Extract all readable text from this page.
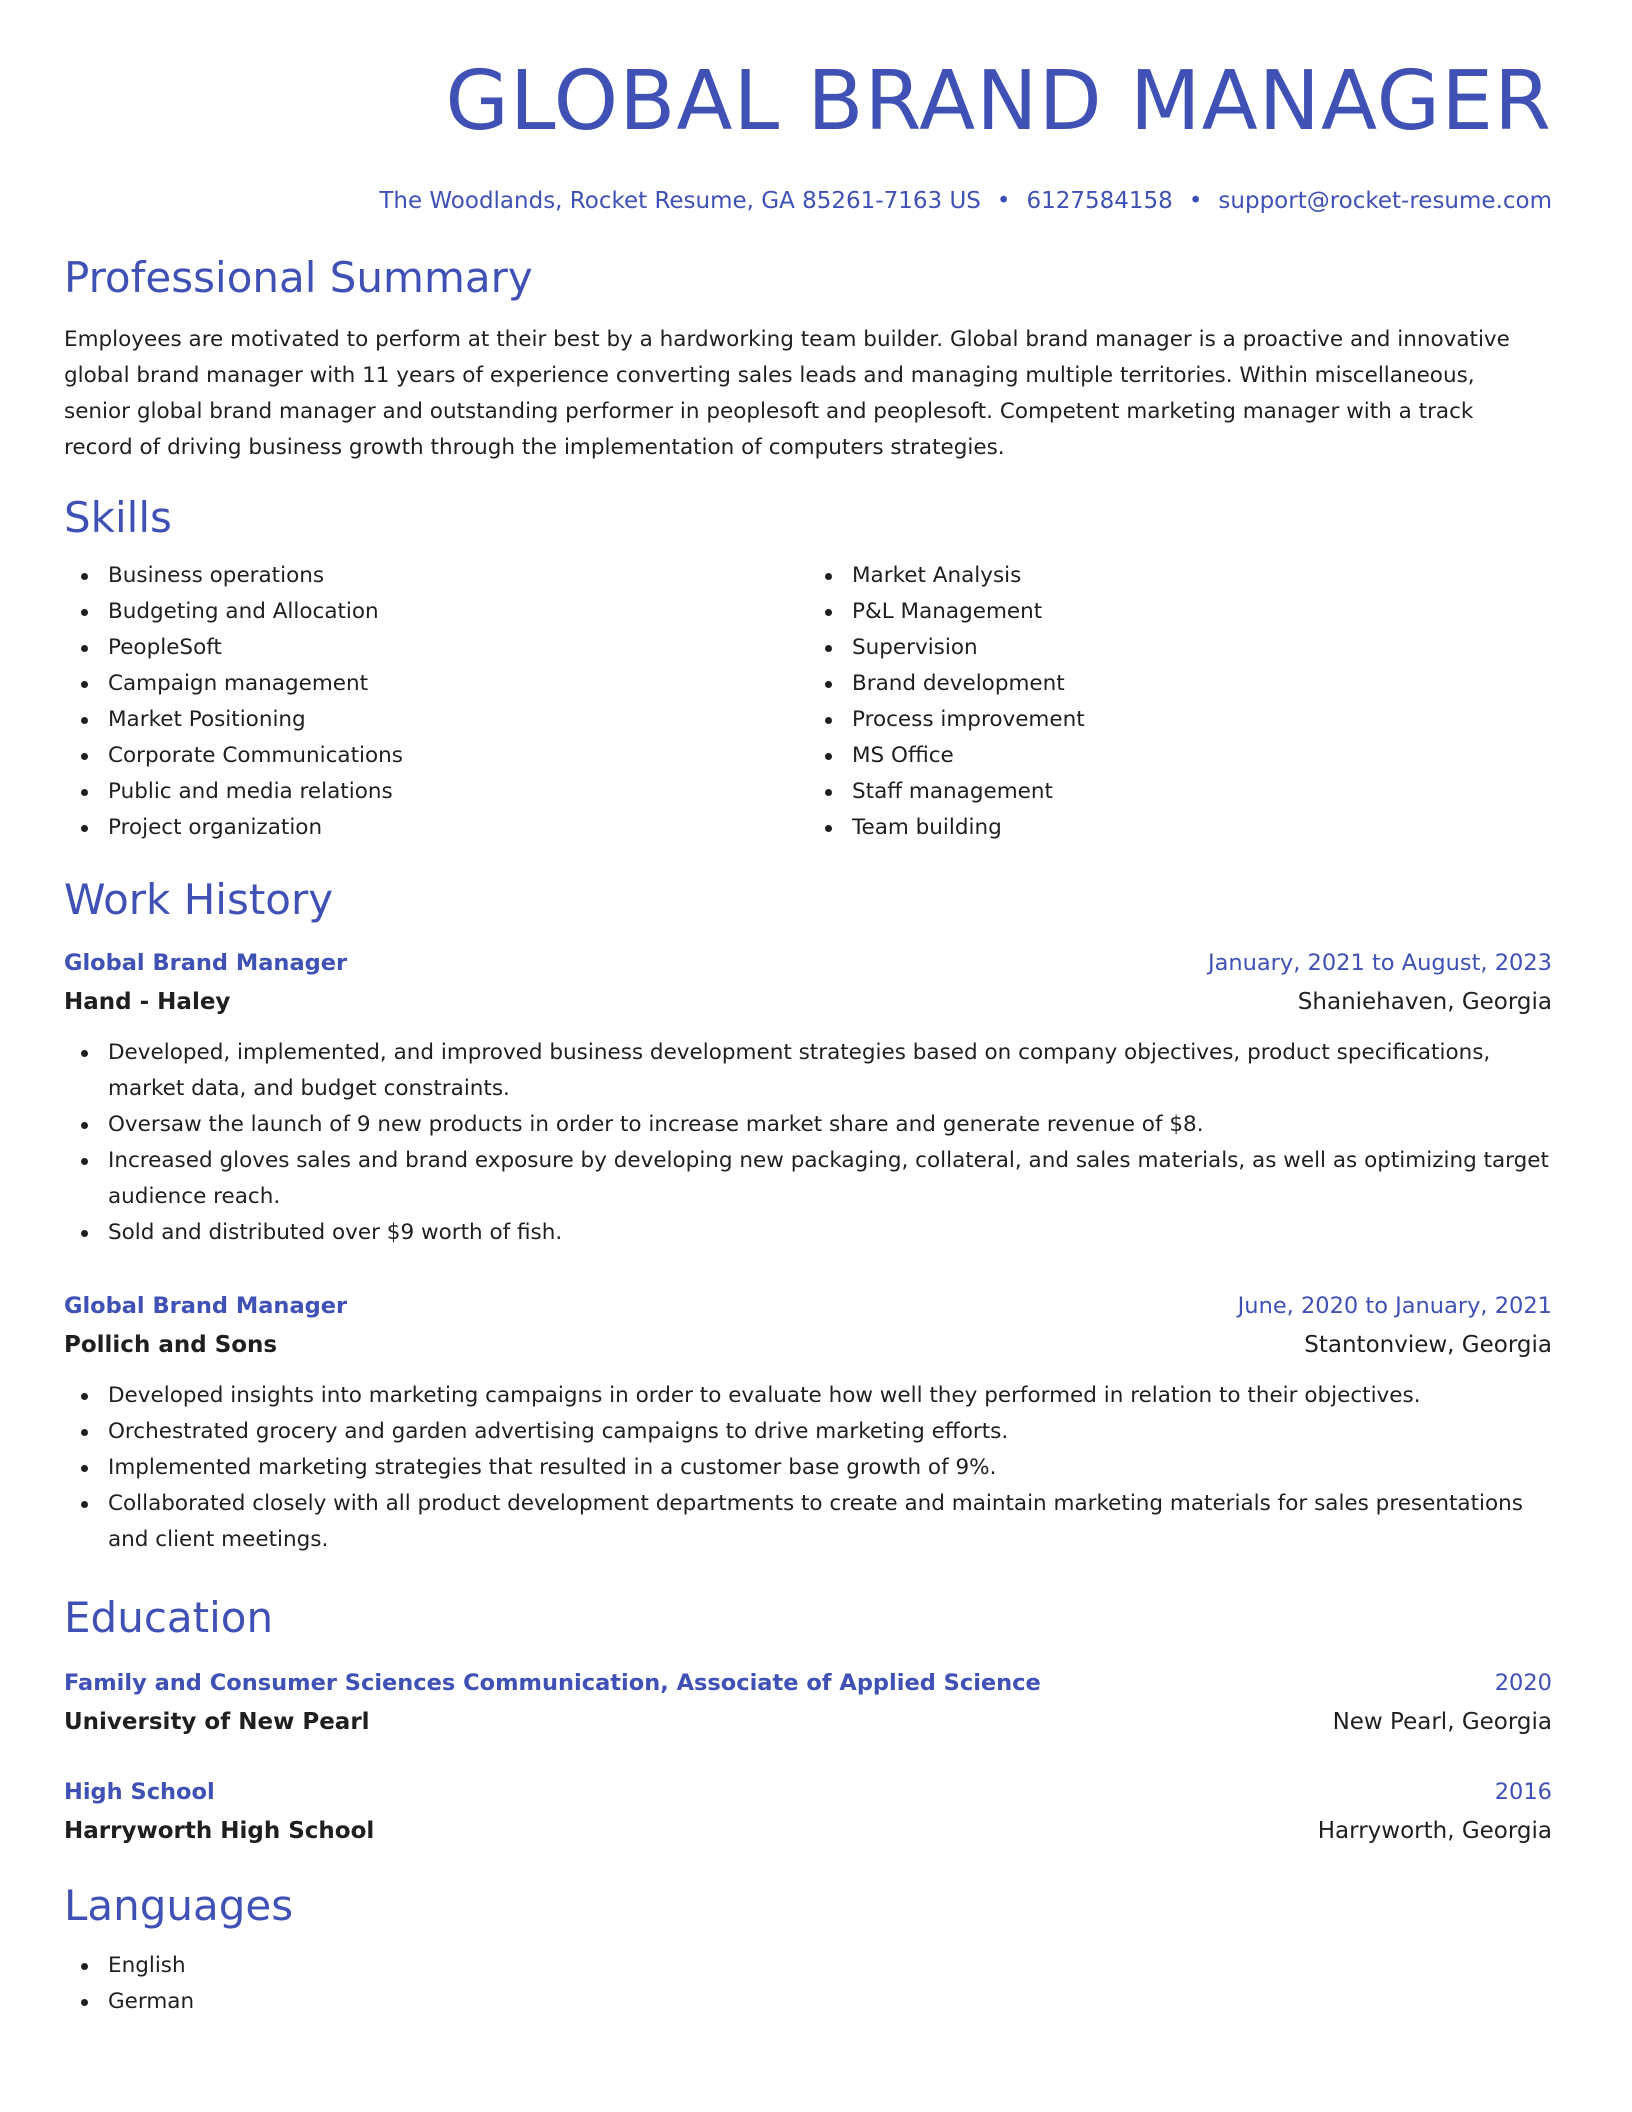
GLOBAL BRAND MANAGER
The Woodlands, Rocket Resume, GA 85261-7163 US • 6127584158 • support@rocket-resume.com
Professional Summary
Employees are motivated to perform at their best by a hardworking team builder. Global brand manager is a proactive and innovative global brand manager with 11 years of experience converting sales leads and managing multiple territories. Within miscellaneous, senior global brand manager and outstanding performer in peoplesoft and peoplesoft. Competent marketing manager with a track record of driving business growth through the implementation of computers strategies.
Skills
Business operations
Budgeting and Allocation
PeopleSoft
Campaign management
Market Positioning
Corporate Communications
Public and media relations
Project organization
Market Analysis
P&L Management
Supervision
Brand development
Process improvement
MS Office
Staff management
Team building
Work History
Global Brand Manager	January, 2021 to August, 2023
Hand - Haley	Shaniehaven, Georgia
Developed, implemented, and improved business development strategies based on company objectives, product specifications, market data, and budget constraints.
Oversaw the launch of 9 new products in order to increase market share and generate revenue of $8.
Increased gloves sales and brand exposure by developing new packaging, collateral, and sales materials, as well as optimizing target audience reach.
Sold and distributed over $9 worth of fish.
Global Brand Manager	June, 2020 to January, 2021
Pollich and Sons	Stantonview, Georgia
Developed insights into marketing campaigns in order to evaluate how well they performed in relation to their objectives.
Orchestrated grocery and garden advertising campaigns to drive marketing efforts.
Implemented marketing strategies that resulted in a customer base growth of 9%.
Collaborated closely with all product development departments to create and maintain marketing materials for sales presentations and client meetings.
Education
Family and Consumer Sciences Communication, Associate of Applied Science	2020
University of New Pearl	New Pearl, Georgia
High School	2016
Harryworth High School	Harryworth, Georgia
Languages
English
German
